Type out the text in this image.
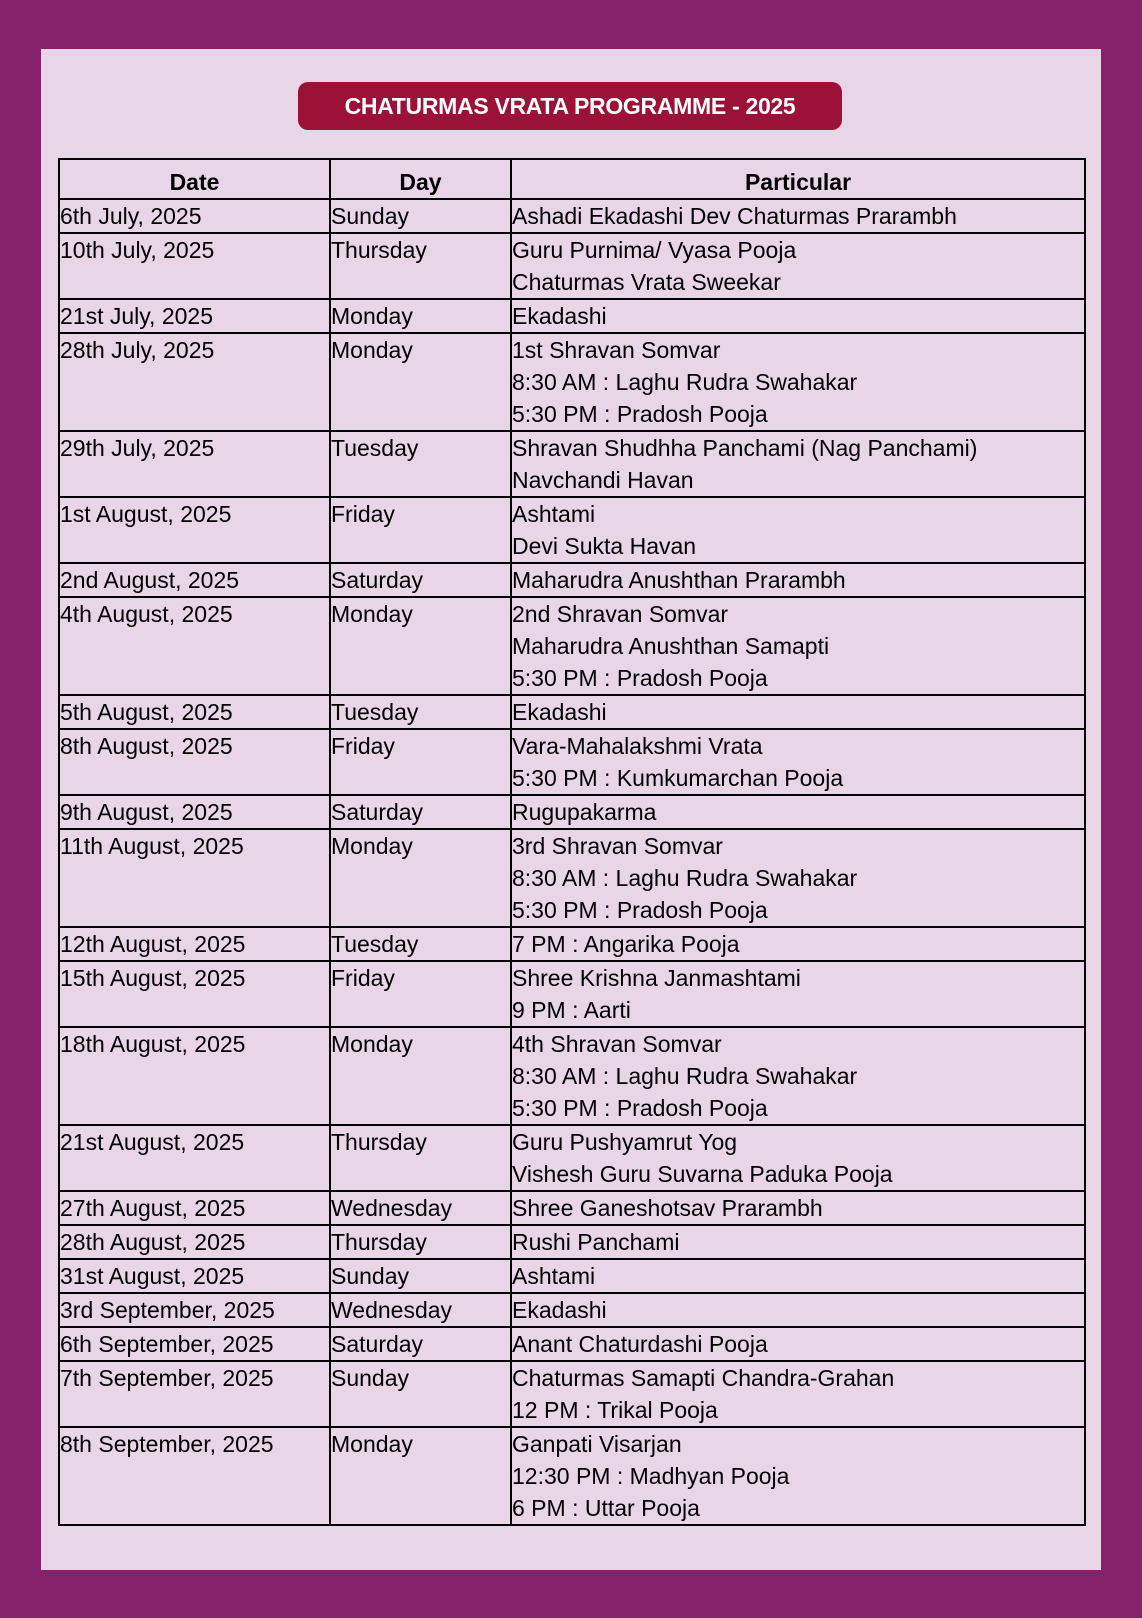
CHATURMAS VRATA PROGRAMME - 2025
Date	Day	Particular
6th July, 2025	Sunday	Ashadi Ekadashi Dev Chaturmas Prarambh

10th July, 2025	Thursday	Guru Purnima/ Vyasa Pooja
Chaturmas Vrata Sweekar

21st July, 2025	Monday	Ekadashi

28th July, 2025	Monday	1st Shravan Somvar
8:30 AM : Laghu Rudra Swahakar
5:30 PM : Pradosh Pooja

29th July, 2025	Tuesday	Shravan Shudhha Panchami (Nag Panchami)
Navchandi Havan

1st August, 2025	Friday	Ashtami
Devi Sukta Havan

2nd August, 2025	Saturday	Maharudra Anushthan Prarambh

4th August, 2025	Monday	2nd Shravan Somvar
Maharudra Anushthan Samapti
5:30 PM : Pradosh Pooja

5th August, 2025	Tuesday	Ekadashi

8th August, 2025	Friday	Vara-Mahalakshmi Vrata
5:30 PM : Kumkumarchan Pooja

9th August, 2025	Saturday	Rugupakarma

11th August, 2025	Monday	3rd Shravan Somvar
8:30 AM : Laghu Rudra Swahakar
5:30 PM : Pradosh Pooja

12th August, 2025	Tuesday	7 PM : Angarika Pooja

15th August, 2025	Friday	Shree Krishna Janmashtami
9 PM : Aarti

18th August, 2025	Monday	4th Shravan Somvar
8:30 AM : Laghu Rudra Swahakar
5:30 PM : Pradosh Pooja

21st August, 2025	Thursday	Guru Pushyamrut Yog
Vishesh Guru Suvarna Paduka Pooja

27th August, 2025	Wednesday	Shree Ganeshotsav Prarambh

28th August, 2025	Thursday	Rushi Panchami

31st August, 2025	Sunday	Ashtami

3rd September, 2025	Wednesday	Ekadashi

6th September, 2025	Saturday	Anant Chaturdashi Pooja

7th September, 2025	Sunday	Chaturmas Samapti Chandra-Grahan
12 PM : Trikal Pooja

8th September, 2025	Monday	Ganpati Visarjan
12:30 PM : Madhyan Pooja
6 PM : Uttar Pooja
